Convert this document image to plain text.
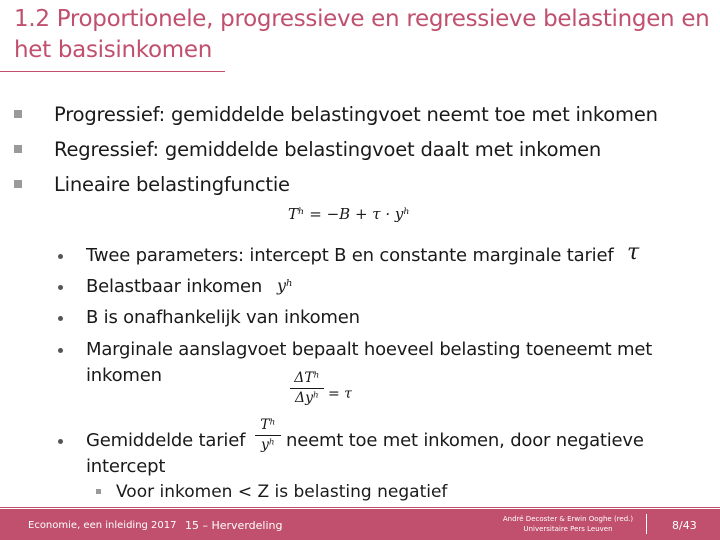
1.2 Proportionele, progressieve en regressieve belastingen en het basisinkomen
Progressief: gemiddelde belastingvoet neemt toe met inkomen
Regressief: gemiddelde belastingvoet daalt met inkomen
Lineaire belastingfunctie
Tʰ = −B + τ · yʰ
Twee parameters: intercept B en constante marginale tarief τ
Belastbaar inkomen yʰ
B is onafhankelijk van inkomen
Marginale aanslagvoet bepaalt hoeveel belasting toeneemt met
inkomen	ΔTʰ
Δyʰ = τ
Gemiddelde tarief
Tʰ
yʰ neemt toe met inkomen, door negatieve
intercept
Voor inkomen < Z is belasting negatief
Economie, een inleiding 2017 15 – Herverdeling	André Decoster & Erwin Ooghe (red.)
Universitaire Pers Leuven	8/43
